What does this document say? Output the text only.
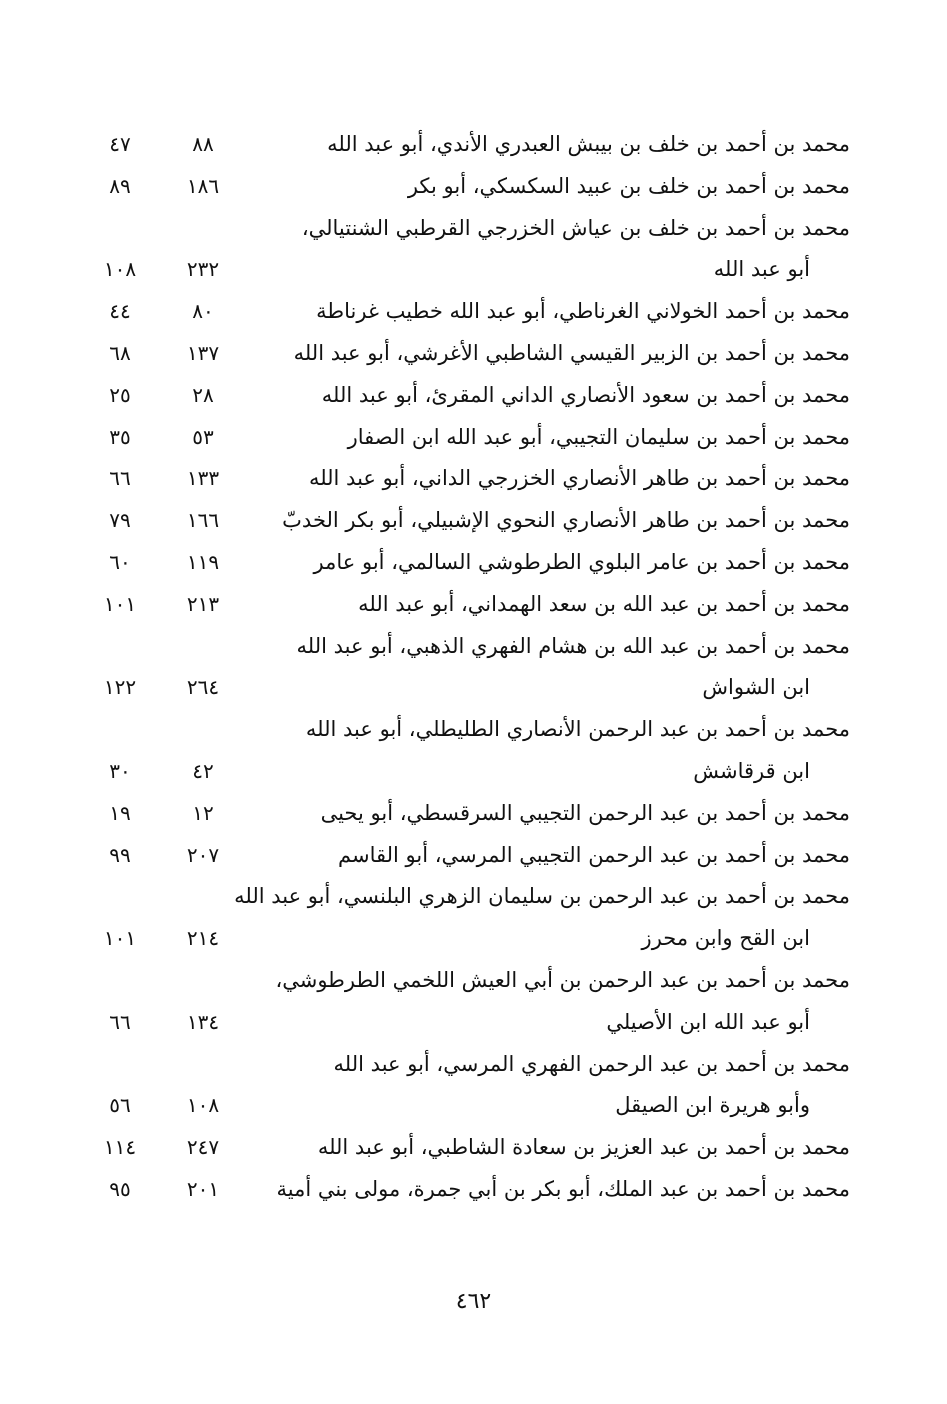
محمد بن أحمد بن خلف بن بيبش العبدري الأندي، أبو عبد الله
٨٨
٤٧
محمد بن أحمد بن خلف بن عبيد السكسكي، أبو بكر
١٨٦
٨٩
محمد بن أحمد بن خلف بن عياش الخزرجي القرطبي الشنتيالي،
أبو عبد الله
٢٣٢
١٠٨
محمد بن أحمد الخولاني الغرناطي، أبو عبد الله خطيب غرناطة
٨٠
٤٤
محمد بن أحمد بن الزبير القيسي الشاطبي الأغرشي، أبو عبد الله
١٣٧
٦٨
محمد بن أحمد بن سعود الأنصاري الداني المقرئ، أبو عبد الله
٢٨
٢٥
محمد بن أحمد بن سليمان التجيبي، أبو عبد الله ابن الصفار
٥٣
٣٥
محمد بن أحمد بن طاهر الأنصاري الخزرجي الداني، أبو عبد الله
١٣٣
٦٦
محمد بن أحمد بن طاهر الأنصاري النحوي الإشبيلي، أبو بكر الخدبّ
١٦٦
٧٩
محمد بن أحمد بن عامر البلوي الطرطوشي السالمي، أبو عامر
١١٩
٦٠
محمد بن أحمد بن عبد الله بن سعد الهمداني، أبو عبد الله
٢١٣
١٠١
محمد بن أحمد بن عبد الله بن هشام الفهري الذهبي، أبو عبد الله
ابن الشواش
٢٦٤
١٢٢
محمد بن أحمد بن عبد الرحمن الأنصاري الطليطلي، أبو عبد الله
ابن قرقاشش
٤٢
٣٠
محمد بن أحمد بن عبد الرحمن التجيبي السرقسطي، أبو يحيى
١٢
١٩
محمد بن أحمد بن عبد الرحمن التجيبي المرسي، أبو القاسم
٢٠٧
٩٩
محمد بن أحمد بن عبد الرحمن بن سليمان الزهري البلنسي، أبو عبد الله
ابن القح وابن محرز
٢١٤
١٠١
محمد بن أحمد بن عبد الرحمن بن أبي العيش اللخمي الطرطوشي،
أبو عبد الله ابن الأصيلي
١٣٤
٦٦
محمد بن أحمد بن عبد الرحمن الفهري المرسي، أبو عبد الله
وأبو هريرة ابن الصيقل
١٠٨
٥٦
محمد بن أحمد بن عبد العزيز بن سعادة الشاطبي، أبو عبد الله
٢٤٧
١١٤
محمد بن أحمد بن عبد الملك، أبو بكر بن أبي جمرة، مولى بني أمية
٢٠١
٩٥
٤٦٢
